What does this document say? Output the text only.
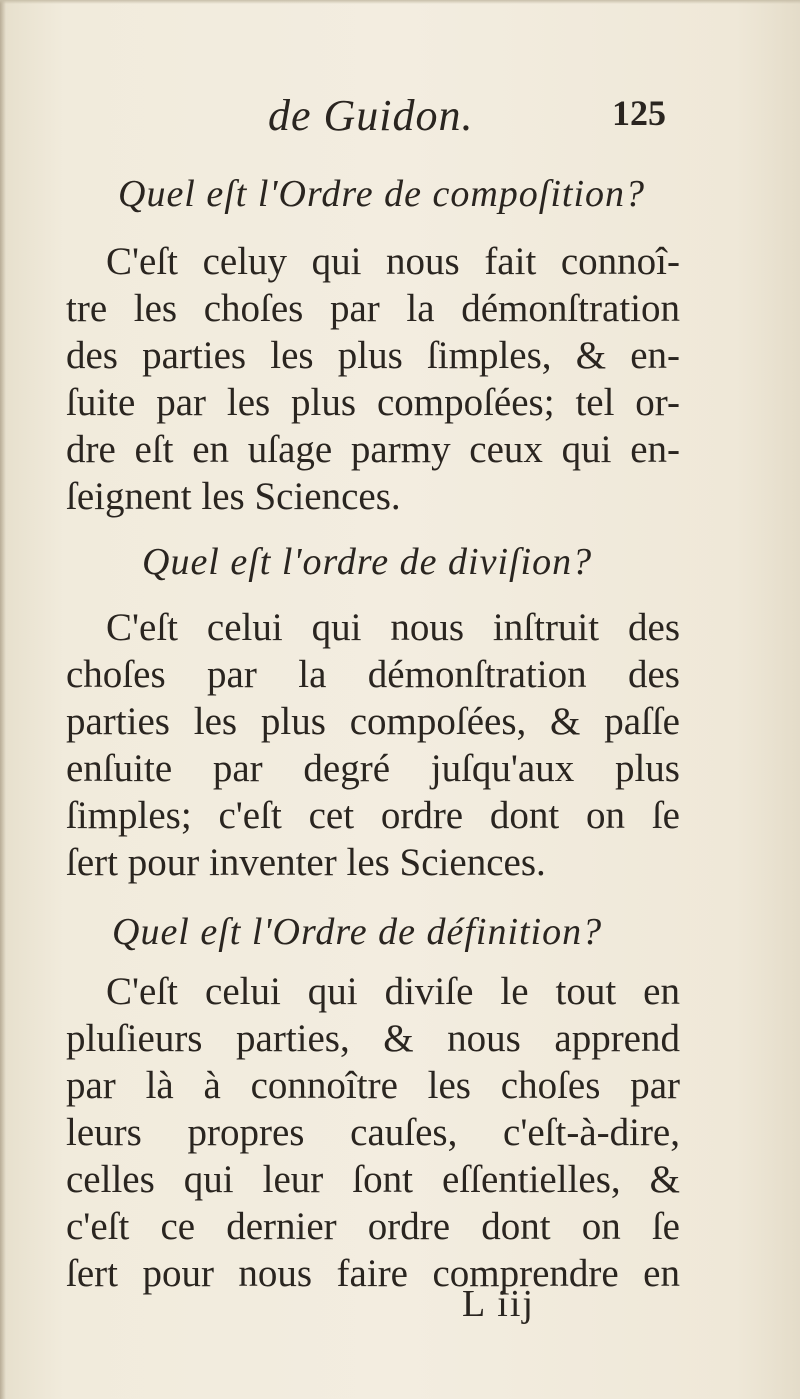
de Guidon.	125
Quel eſt l'Ordre de compoſition?
C'eſt celuy qui nous fait connoî-
tre les choſes par la démonſtration
des parties les plus ſimples, & en-
ſuite par les plus compoſées; tel or-
dre eſt en uſage parmy ceux qui en-
ſeignent les Sciences.
Quel eſt l'ordre de diviſion?
C'eſt celui qui nous inſtruit des
choſes par la démonſtration des
parties les plus compoſées, & paſſe
enſuite par degré juſqu'aux plus
ſimples; c'eſt cet ordre dont on ſe
ſert pour inventer les Sciences.
Quel eſt l'Ordre de définition?
C'eſt celui qui diviſe le tout en
pluſieurs parties, & nous apprend
par là à connoître les choſes par
leurs propres cauſes, c'eſt-à-dire,
celles qui leur ſont eſſentielles, &
c'eſt ce dernier ordre dont on ſe
ſert pour nous faire comprendre en
L iij
